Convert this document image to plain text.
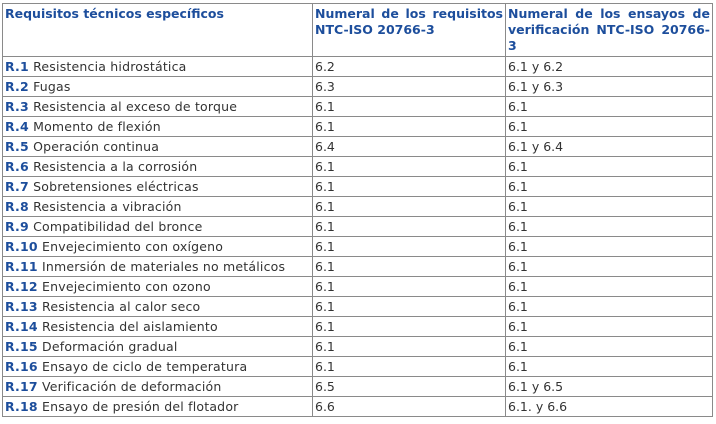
Requisitos técnicos específicos	Numeral de los requisitos NTC-ISO 20766-3	Numeral de los ensayos de verificación NTC-ISO 20766-3
R.1 Resistencia hidrostática	6.2	6.1 y 6.2
R.2 Fugas	6.3	6.1 y 6.3
R.3 Resistencia al exceso de torque	6.1	6.1
R.4 Momento de flexión	6.1	6.1
R.5 Operación continua	6.4	6.1 y 6.4
R.6 Resistencia a la corrosión	6.1	6.1
R.7 Sobretensiones eléctricas	6.1	6.1
R.8 Resistencia a vibración	6.1	6.1
R.9 Compatibilidad del bronce	6.1	6.1
R.10 Envejecimiento con oxígeno	6.1	6.1
R.11 Inmersión de materiales no metálicos	6.1	6.1
R.12 Envejecimiento con ozono	6.1	6.1
R.13 Resistencia al calor seco	6.1	6.1
R.14 Resistencia del aislamiento	6.1	6.1
R.15 Deformación gradual	6.1	6.1
R.16 Ensayo de ciclo de temperatura	6.1	6.1
R.17 Verificación de deformación	6.5	6.1 y 6.5
R.18 Ensayo de presión del flotador	6.6	6.1. y 6.6
